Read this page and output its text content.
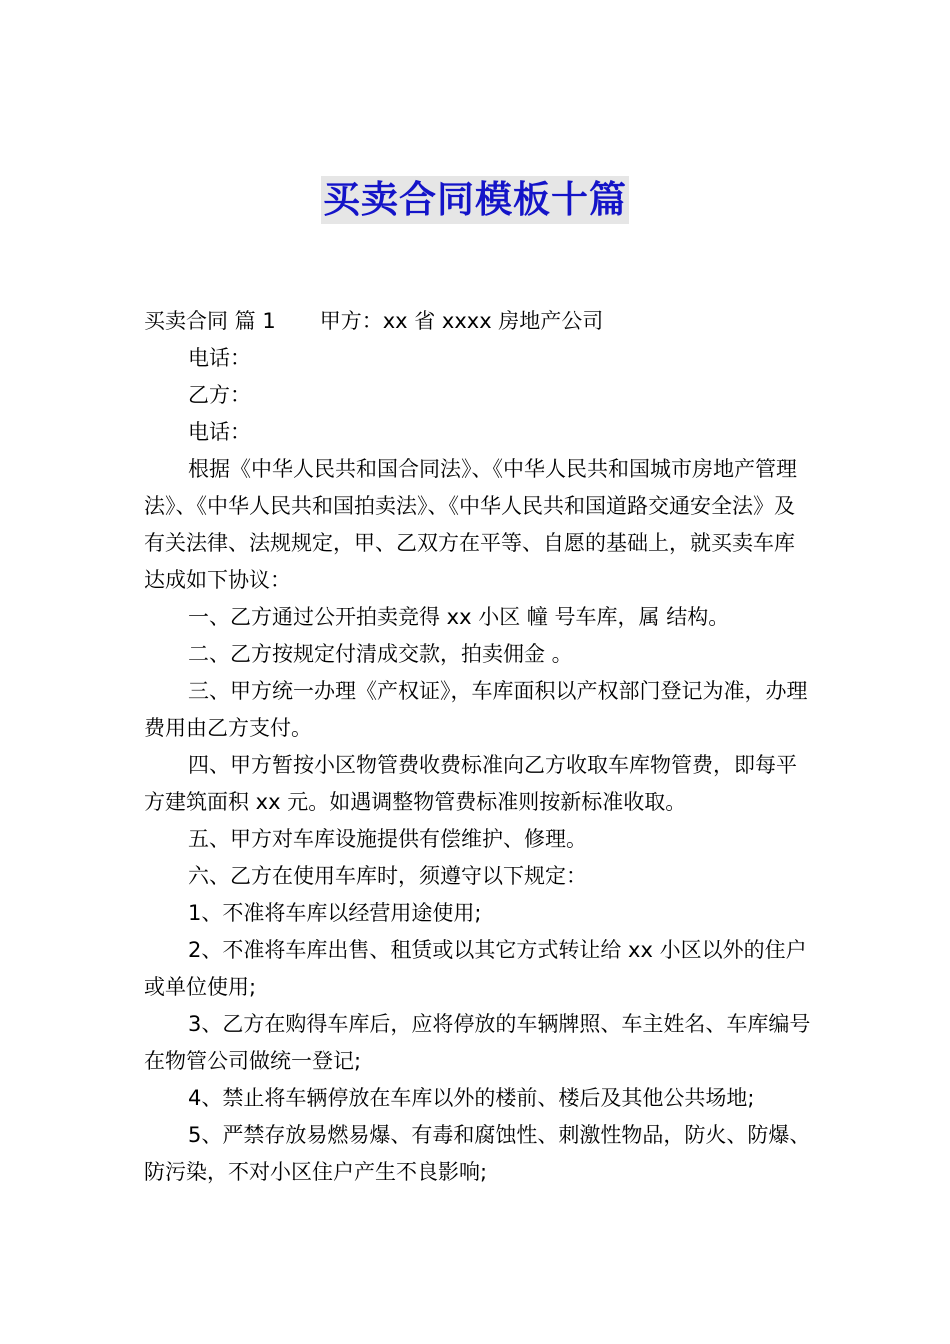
买卖合同模板十篇

买卖合同 篇 1 甲方：xx 省 xxxx 房地产公司

电话：

乙方：

电话：

根据《中华人民共和国合同法》、《中华人民共和国城市房地产管理法》、《中华人民共和国拍卖法》、《中华人民共和国道路交通安全法》及有关法律、法规规定，甲、乙双方在平等、自愿的基础上，就买卖车库达成如下协议：

一、乙方通过公开拍卖竞得 xx 小区 幢 号车库，属 结构。

二、乙方按规定付清成交款，拍卖佣金 。

三、甲方统一办理《产权证》，车库面积以产权部门登记为准，办理费用由乙方支付。

四、甲方暂按小区物管费收费标准向乙方收取车库物管费，即每平方建筑面积 xx 元。如遇调整物管费标准则按新标准收取。

五、甲方对车库设施提供有偿维护、修理。

六、乙方在使用车库时，须遵守以下规定：

1、不准将车库以经营用途使用;

2、不准将车库出售、租赁或以其它方式转让给 xx 小区以外的住户或单位使用;

3、乙方在购得车库后，应将停放的车辆牌照、车主姓名、车库编号在物管公司做统一登记;

4、禁止将车辆停放在车库以外的楼前、楼后及其他公共场地;

5、严禁存放易燃易爆、有毒和腐蚀性、刺激性物品，防火、防爆、防污染，不对小区住户产生不良影响;
